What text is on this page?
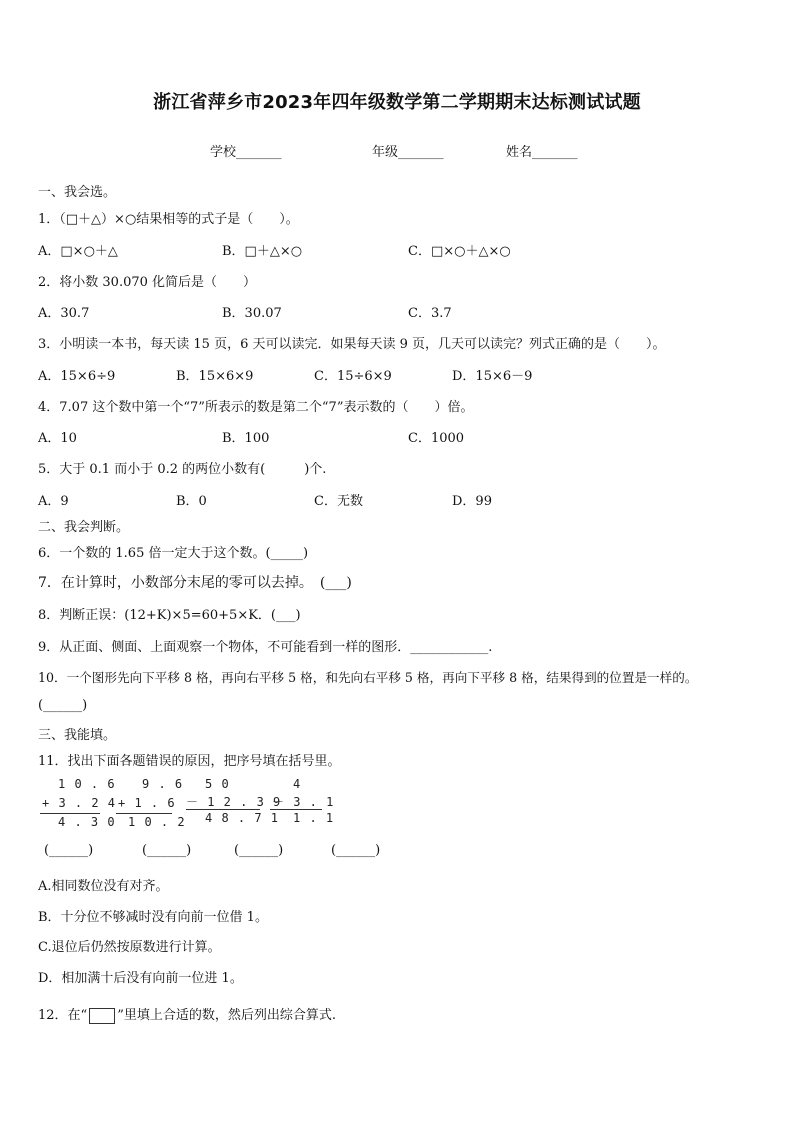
浙江省萍乡市2023年四年级数学第二学期期末达标测试试题
学校_______	年级_______	姓名_______
一、我会选。
1．（□＋△）×○结果相等的式子是（　　）。
A．□×○＋△	B．□＋△×○	C．□×○＋△×○
2．将小数 30.070 化简后是（　　）
A．30.7	B．30.07	C．3.7
3．小明读一本书，每天读 15 页，6 天可以读完．如果每天读 9 页，几天可以读完？列式正确的是（　　）。
A．15×6÷9	B．15×6×9	C．15÷6×9	D．15×6－9
4．7.07 这个数中第一个“7”所表示的数是第二个“7”表示数的（　　）倍。
A．10	B．100	C．1000
5．大于 0.1 而小于 0.2 的两位小数有(　　　)个.
A．9	B．0	C．无数	D．99
二、我会判断。
6．一个数的 1.65 倍一定大于这个数。(_____)
7．在计算时，小数部分末尾的零可以去掉。　(___)
8．判断正误：(12+K)×5=60+5×K．(___)
9．从正面、侧面、上面观察一个物体，不可能看到一样的图形．____________.
10．一个图形先向下平移 8 格，再向右平移 5 格，和先向右平移 5 格，再向下平移 8 格，结果得到的位置是一样的。
(______)
三、我能填。
11．找出下面各题错误的原因，把序号填在括号里。
1 0 . 6
+ 3 . 2 4
4 . 3 0
9 . 6
+ 1 . 6
1 0 . 2
5 0
－ 1 2 . 3 9
4 8 . 7 1
4
－ 3 . 1
1 . 1
(______)	(______)	(______)	(______)
A.相同数位没有对齐。
B．十分位不够减时没有向前一位借 1。
C.退位后仍然按原数进行计算。
D．相加满十后没有向前一位进 1。
12．在“ ”里填上合适的数，然后列出综合算式.
